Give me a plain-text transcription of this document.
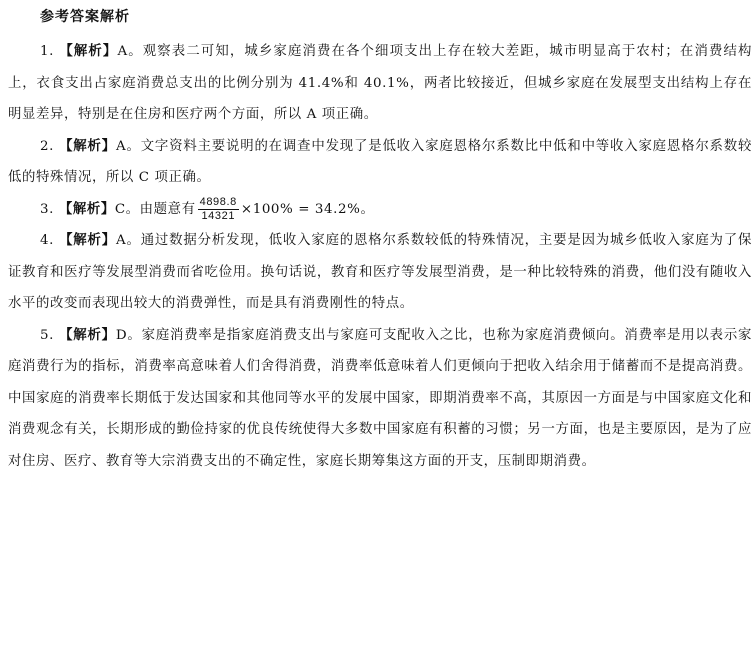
参考答案解析

1. 【解析】A。观察表二可知，城乡家庭消费在各个细项支出上存在较大差距，城市明显高于农村；在消费结构上，衣食支出占家庭消费总支出的比例分别为 41.4%和 40.1%，两者比较接近，但城乡家庭在发展型支出结构上存在明显差异，特别是在住房和医疗两个方面，所以 A 项正确。

2. 【解析】A。文字资料主要说明的在调查中发现了是低收入家庭恩格尔系数比中低和中等收入家庭恩格尔系数较低的特殊情况，所以 C 项正确。

3. 【解析】C。由题意有 $\frac{4898.8}{14321} \times 100\% = 34.2\%$。

4. 【解析】A。通过数据分析发现，低收入家庭的恩格尔系数较低的特殊情况，主要是因为城乡低收入家庭为了保证教育和医疗等发展型消费而省吃俭用。换句话说，教育和医疗等发展型消费，是一种比较特殊的消费，他们没有随收入水平的改变而表现出较大的消费弹性，而是具有消费刚性的特点。

5. 【解析】D。家庭消费率是指家庭消费支出与家庭可支配收入之比，也称为家庭消费倾向。消费率是用以表示家庭消费行为的指标，消费率高意味着人们舍得消费，消费率低意味着人们更倾向于把收入结余用于储蓄而不是提高消费。中国家庭的消费率长期低于发达国家和其他同等水平的发展中国家，即期消费率不高，其原因一方面是与中国家庭文化和消费观念有关，长期形成的勤俭持家的优良传统使得大多数中国家庭有积蓄的习惯；另一方面，也是主要原因，是为了应对住房、医疗、教育等大宗消费支出的不确定性，家庭长期筹集这方面的开支，压制即期消费。
